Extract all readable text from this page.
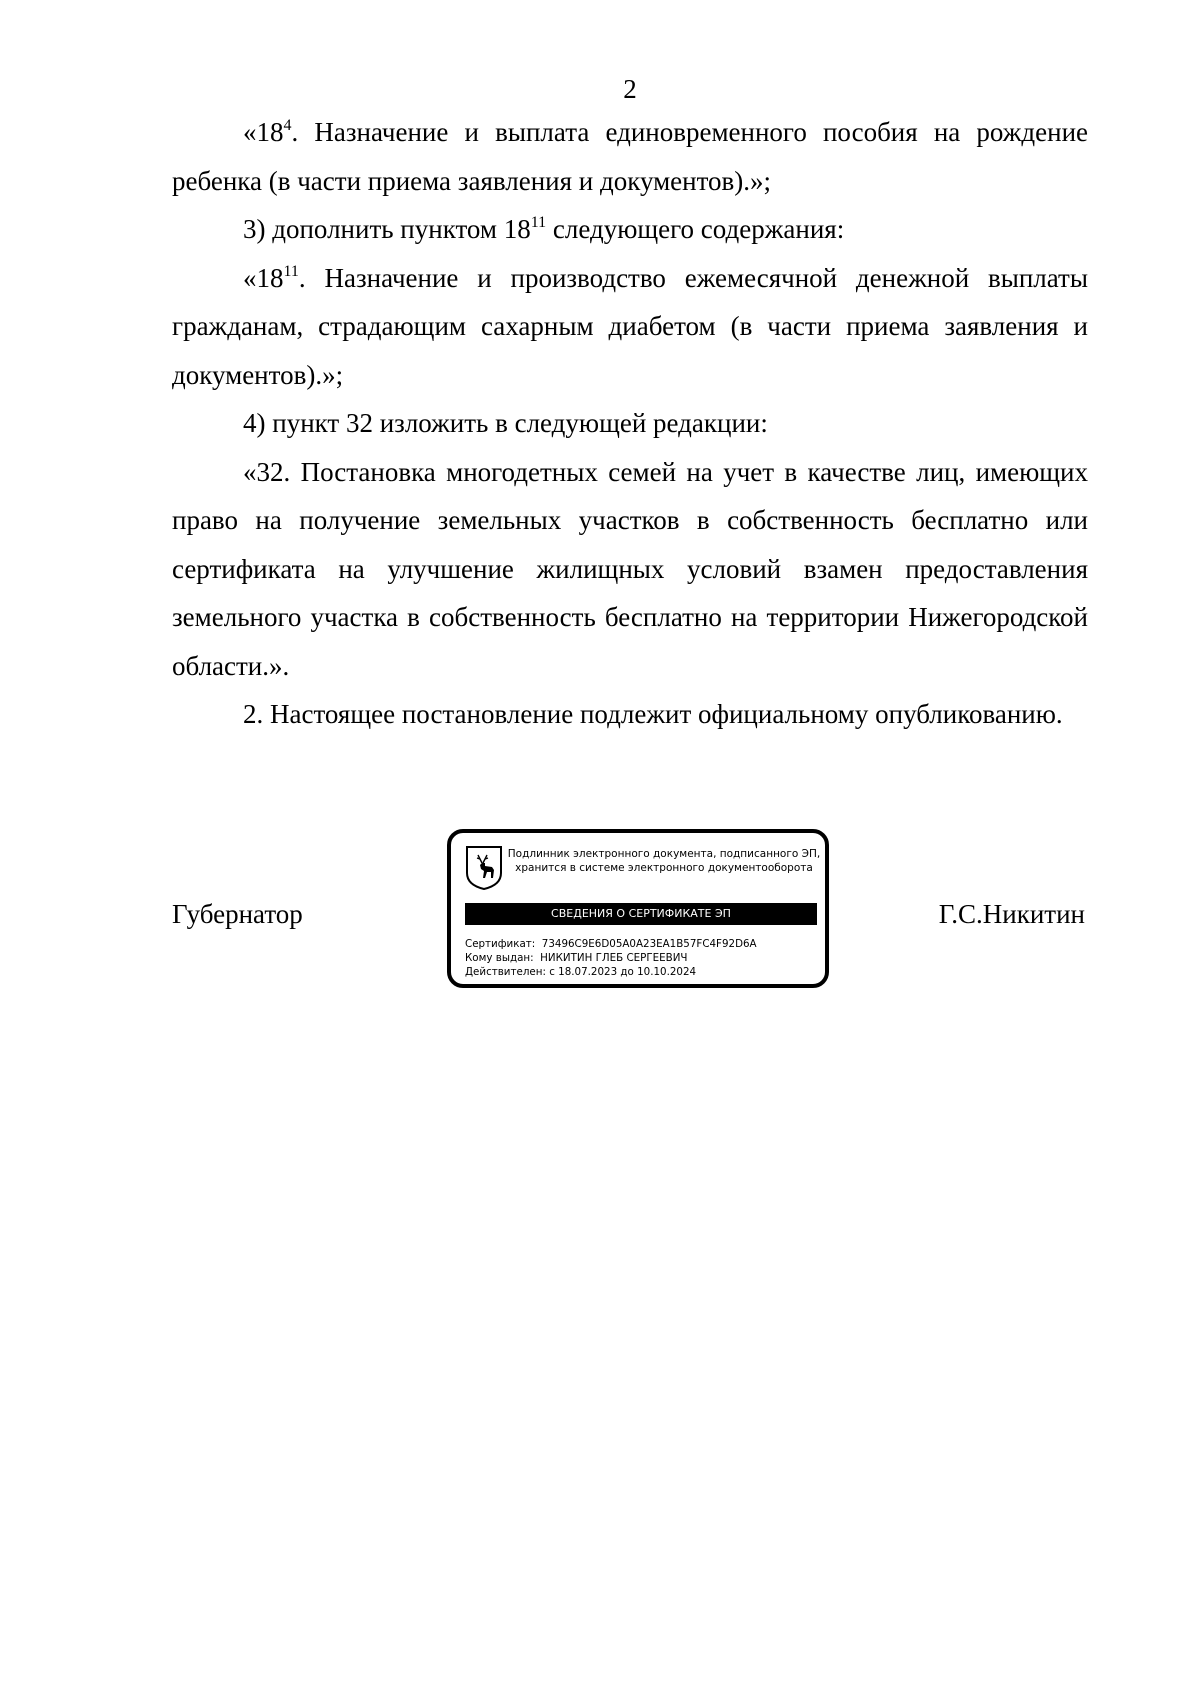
2

«$18^4$. Назначение и выплата единовременного пособия на рождение ребенка (в части приема заявления и документов).»;

3) дополнить пунктом $18^{11}$ следующего содержания:

«$18^{11}$. Назначение и производство ежемесячной денежной выплаты гражданам, страдающим сахарным диабетом (в части приема заявления и документов).»;

4) пункт 32 изложить в следующей редакции:

«32. Постановка многодетных семей на учет в качестве лиц, имеющих право на получение земельных участков в собственность бесплатно или сертификата на улучшение жилищных условий взамен предоставления земельного участка в собственность бесплатно на территории Нижегородской области.».

2. Настоящее постановление подлежит официальному опубликованию.

Губернатор	Г.С.Никитин
Подлинник электронного документа, подписанного ЭП,
хранится в системе электронного документооборота
СВЕДЕНИЯ О СЕРТИФИКАТЕ ЭП
Сертификат: 73496C9E6D05A0A23EA1B57FC4F92D6A
Кому выдан: НИКИТИН ГЛЕБ СЕРГЕЕВИЧ
Действителен: с 18.07.2023 до 10.10.2024
